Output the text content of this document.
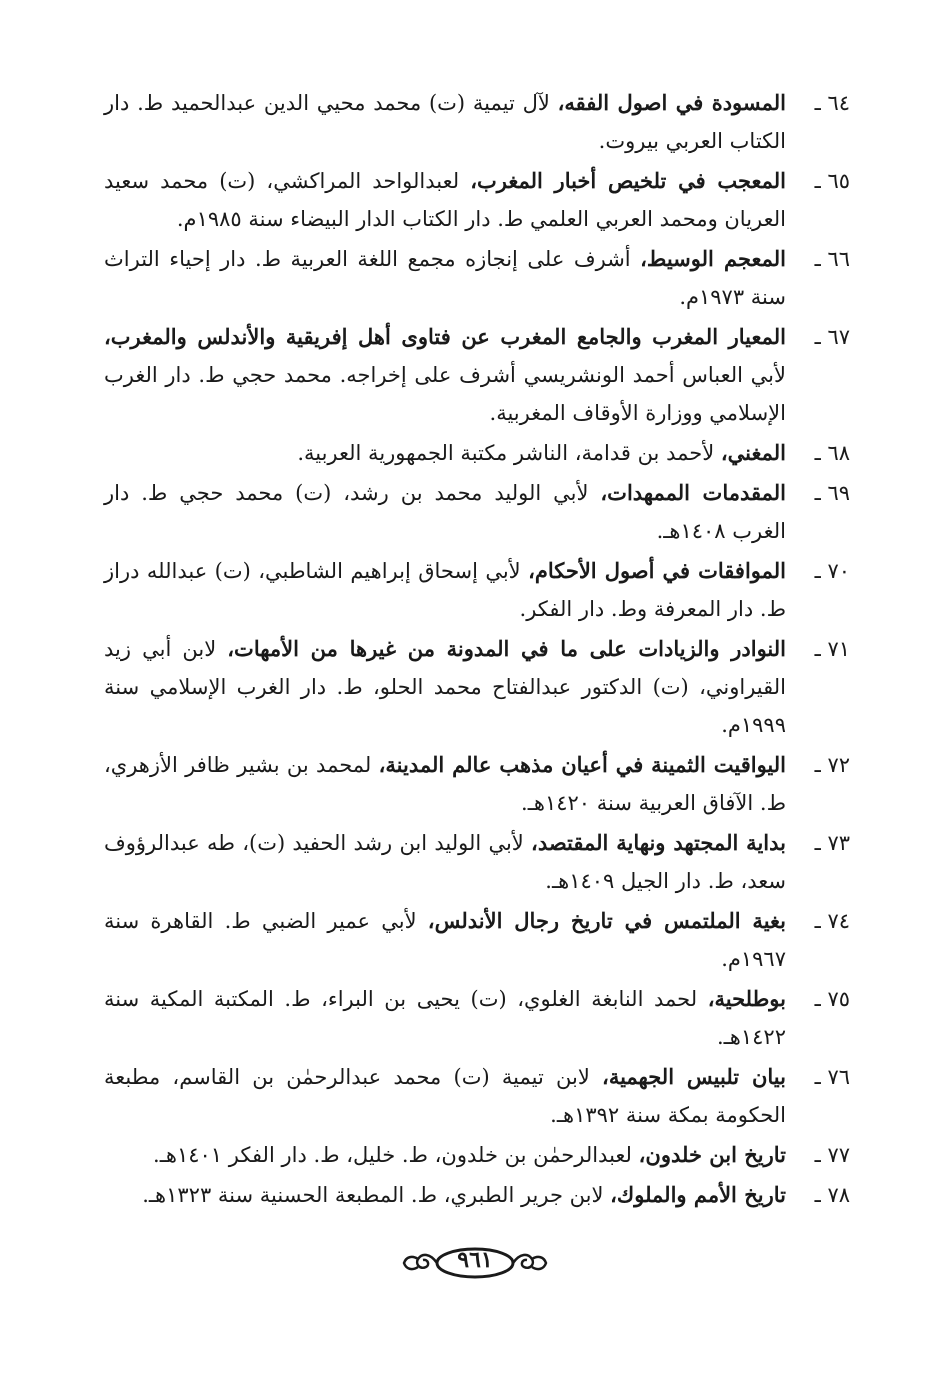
٦٤ ـ
المسودة في اصول الفقه، لآل تيمية (ت) محمد محيي الدين عبدالحميد ط. دار الكتاب العربي بيروت.
٦٥ ـ
المعجب في تلخيص أخبار المغرب، لعبدالواحد المراكشي، (ت) محمد سعيد العريان ومحمد العربي العلمي ط. دار الكتاب الدار البيضاء سنة ١٩٨٥م.
٦٦ ـ
المعجم الوسيط، أشرف على إنجازه مجمع اللغة العربية ط. دار إحياء التراث سنة ١٩٧٣م.
٦٧ ـ
المعيار المغرب والجامع المغرب عن فتاوى أهل إفريقية والأندلس والمغرب، لأبي العباس أحمد الونشريسي أشرف على إخراجه. محمد حجي ط. دار الغرب الإسلامي ووزارة الأوقاف المغربية.
٦٨ ـ
المغني، لأحمد بن قدامة، الناشر مكتبة الجمهورية العربية.
٦٩ ـ
المقدمات الممهدات، لأبي الوليد محمد بن رشد، (ت) محمد حجي ط. دار الغرب ١٤٠٨هـ.
٧٠ ـ
الموافقات في أصول الأحكام، لأبي إسحاق إبراهيم الشاطبي، (ت) عبدالله دراز ط. دار المعرفة وط. دار الفكر.
٧١ ـ
النوادر والزيادات على ما في المدونة من غيرها من الأمهات، لابن أبي زيد القيراوني، (ت) الدكتور عبدالفتاح محمد الحلو، ط. دار الغرب الإسلامي سنة ١٩٩٩م.
٧٢ ـ
اليواقيت الثمينة في أعيان مذهب عالم المدينة، لمحمد بن بشير ظافر الأزهري، ط. الآفاق العربية سنة ١٤٢٠هـ.
٧٣ ـ
بداية المجتهد ونهاية المقتصد، لأبي الوليد ابن رشد الحفيد (ت)، طه عبدالرؤوف سعد، ط. دار الجيل ١٤٠٩هـ.
٧٤ ـ
بغية الملتمس في تاريخ رجال الأندلس، لأبي عمير الضبي ط. القاهرة سنة ١٩٦٧م.
٧٥ ـ
بوطلحية، لحمد النابغة الغلوي، (ت) يحيى بن البراء، ط. المكتبة المكية سنة ١٤٢٢هـ.
٧٦ ـ
بيان تلبيس الجهمية، لابن تيمية (ت) محمد عبدالرحمٰن بن القاسم، مطبعة الحكومة بمكة سنة ١٣٩٢هـ.
٧٧ ـ
تاريخ ابن خلدون، لعبدالرحمٰن بن خلدون، ط. خليل، ط. دار الفكر ١٤٠١هـ.
٧٨ ـ
تاريخ الأمم والملوك، لابن جرير الطبري، ط. المطبعة الحسنية سنة ١٣٢٣هـ.
٩٦١
